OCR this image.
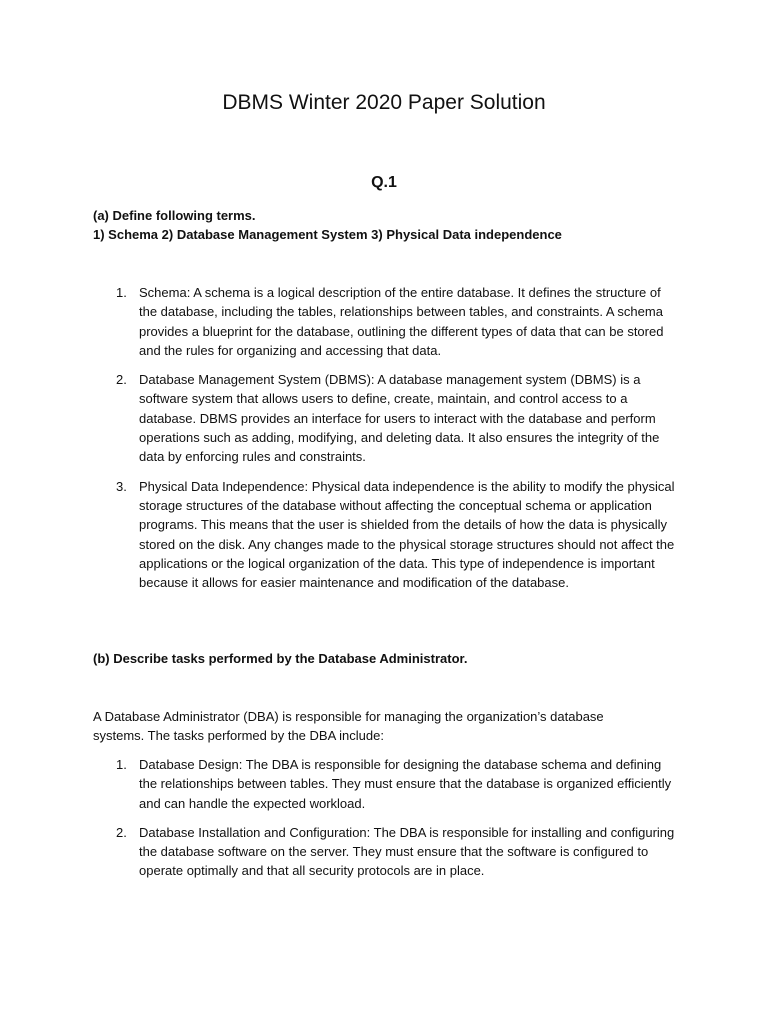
DBMS Winter 2020 Paper Solution
Q.1

(a) Define following terms.

1) Schema 2) Database Management System 3) Physical Data independence

1. Schema: A schema is a logical description of the entire database. It defines the structure of the database, including the tables, relationships between tables, and constraints. A schema provides a blueprint for the database, outlining the different types of data that can be stored and the rules for organizing and accessing that data.
2. Database Management System (DBMS): A database management system (DBMS) is a software system that allows users to define, create, maintain, and control access to a database. DBMS provides an interface for users to interact with the database and perform operations such as adding, modifying, and deleting data. It also ensures the integrity of the data by enforcing rules and constraints.
3. Physical Data Independence: Physical data independence is the ability to modify the physical storage structures of the database without affecting the conceptual schema or application programs. This means that the user is shielded from the details of how the data is physically stored on the disk. Any changes made to the physical storage structures should not affect the applications or the logical organization of the data. This type of independence is important because it allows for easier maintenance and modification of the database.

(b) Describe tasks performed by the Database Administrator.

A Database Administrator (DBA) is responsible for managing the organization’s database systems. The tasks performed by the DBA include:

1. Database Design: The DBA is responsible for designing the database schema and defining the relationships between tables. They must ensure that the database is organized efficiently and can handle the expected workload.
2. Database Installation and Configuration: The DBA is responsible for installing and configuring the database software on the server. They must ensure that the software is configured to operate optimally and that all security protocols are in place.
